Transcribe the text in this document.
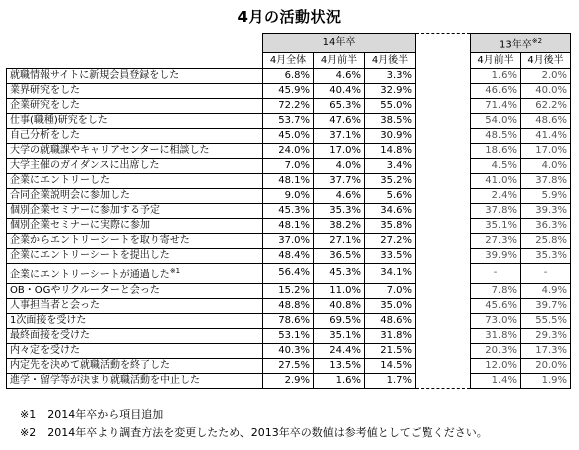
4月の活動状況
	14年卒				13年卒$^{※2}$
	4月全体	4月前半	4月後半		4月前半	4月後半
就職情報サイトに新規会員登録をした	6.8%	4.6%	3.3%		1.6%	2.0%
業界研究をした	45.9%	40.4%	32.9%		46.6%	40.0%
企業研究をした	72.2%	65.3%	55.0%		71.4%	62.2%
仕事(職種)研究をした	53.7%	47.6%	38.5%		54.0%	48.6%
自己分析をした	45.0%	37.1%	30.9%		48.5%	41.4%
大学の就職課やキャリアセンターに相談した	24.0%	17.0%	14.8%		18.6%	17.0%
大学主催のガイダンスに出席した	7.0%	4.0%	3.4%		4.5%	4.0%
企業にエントリーした	48.1%	37.7%	35.2%		41.0%	37.8%
合同企業説明会に参加した	9.0%	4.6%	5.6%		2.4%	5.9%
個別企業セミナーに参加する予定	45.3%	35.3%	34.6%		37.8%	39.3%
個別企業セミナーに実際に参加	48.1%	38.2%	35.8%		35.1%	36.3%
企業からエントリーシートを取り寄せた	37.0%	27.1%	27.2%		27.3%	25.8%
企業にエントリーシートを提出した	48.4%	36.5%	33.5%		39.9%	35.3%
企業にエントリーシートが通過した$^{※1}$	56.4%	45.3%	34.1%		-	-
OB・OGやリクルーターと会った	15.2%	11.0%	7.0%		7.8%	4.9%
人事担当者と会った	48.8%	40.8%	35.0%		45.6%	39.7%
1次面接を受けた	78.6%	69.5%	48.6%		73.0%	55.5%
最終面接を受けた	53.1%	35.1%	31.8%		31.8%	29.3%
内々定を受けた	40.3%	24.4%	21.5%		20.3%	17.3%
内定先を決めて就職活動を終了した	27.5%	13.5%	14.5%		12.0%	20.0%
進学・留学等が決まり就職活動を中止した	2.9%	1.6%	1.7%		1.4%	1.9%
※1　2014年卒から項目追加
※2　2014年卒より調査方法を変更したため、2013年卒の数値は参考値としてご覧ください。
